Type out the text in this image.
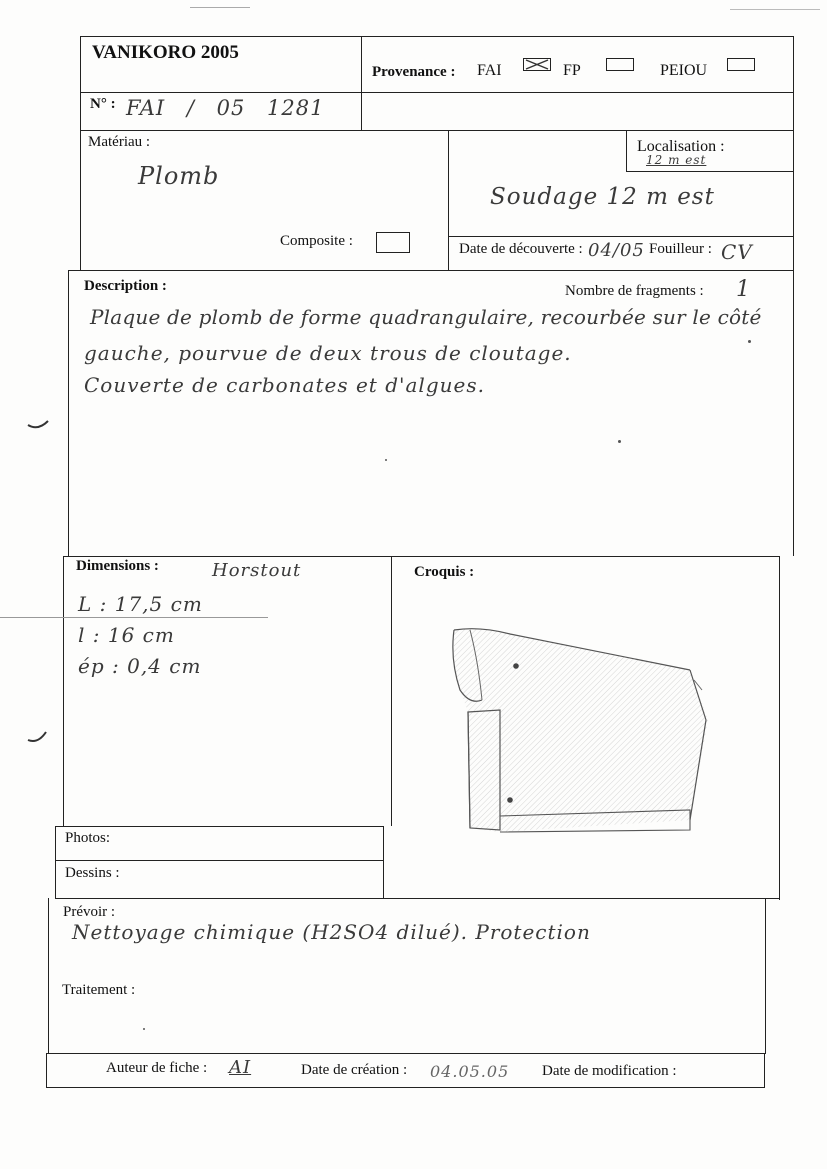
VANIKORO 2005
Provenance : FAI	FP	PEIOU
N° : FAI / 05 1281
Matériau :
Plomb
Composite :
Localisation :
12 m est
Soudage 12 m est
Date de découverte : 04/05 Fouilleur : CV
Description :	Nombre de fragments : 1
Plaque de plomb de forme quadrangulaire, recourbée sur le côté
gauche, pourvue de deux trous de cloutage.
Couverte de carbonates et d'algues.
Dimensions :	Horstout
L : 17,5 cm
l : 16 cm
ép : 0,4 cm
Croquis :
Photos:
Dessins :
Prévoir :
Nettoyage chimique (H2SO4 dilué). Protection
Traitement :
Auteur de fiche : AI	Date de création : 04.05.05 Date de modification :
